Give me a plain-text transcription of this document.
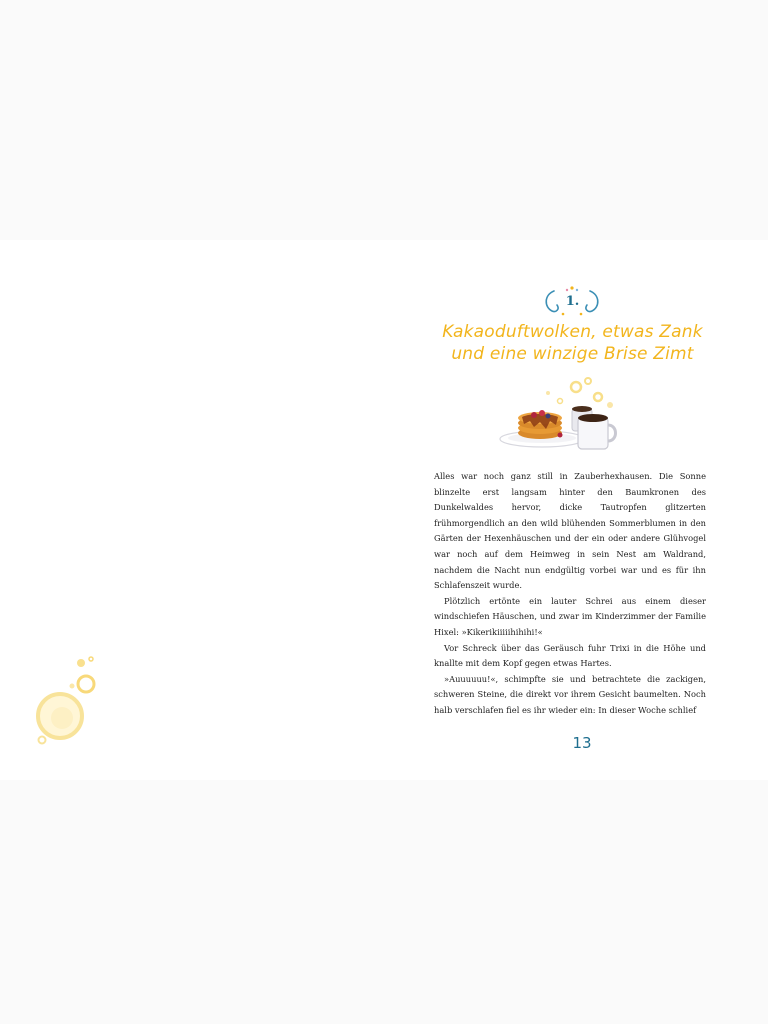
1.
Kakaoduftwolken, etwas Zank
und eine winzige Brise Zimt

Alles war noch ganz still in Zauberhexhausen. Die Sonne blinzelte erst langsam hinter den Baumkronen des Dunkelwaldes hervor, dicke Tautropfen glitzerten frühmorgendlich an den wild blühenden Sommerblumen in den Gärten der Hexenhäuschen und der ein oder andere Glühvogel war noch auf dem Heimweg in sein Nest am Waldrand, nachdem die Nacht nun endgültig vorbei war und es für ihn Schlafenszeit wurde.

Plötzlich ertönte ein lauter Schrei aus einem dieser windschiefen Häuschen, und zwar im Kinderzimmer der Familie Hixel: »Kikerikiiiiihihihi!«

Vor Schreck über das Geräusch fuhr Trixi in die Höhe und knallte mit dem Kopf gegen etwas Hartes.

»Auuuuuu!«, schimpfte sie und betrachtete die zackigen, schweren Steine, die direkt vor ihrem Gesicht baumelten. Noch halb verschlafen fiel es ihr wieder ein: In dieser Woche schlief

13
